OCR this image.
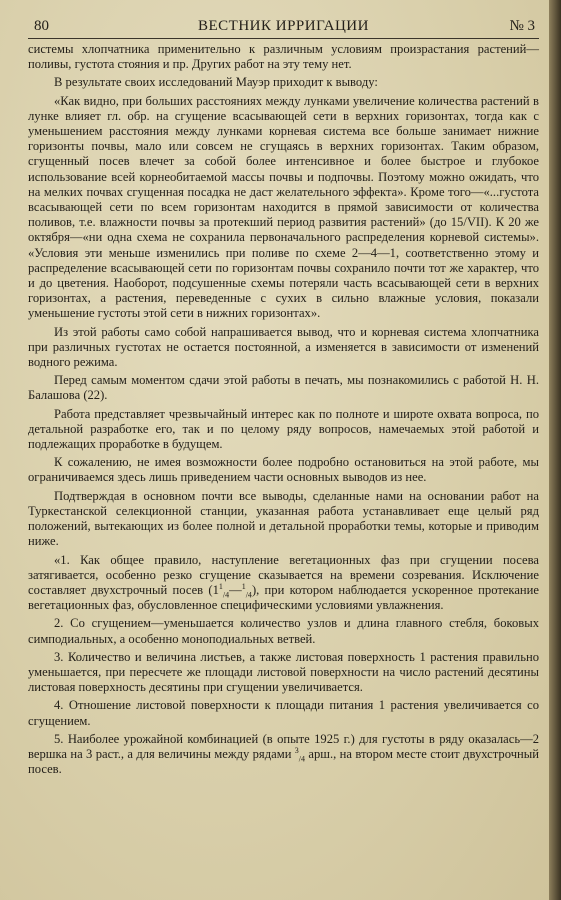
80	ВЕСТНИК ИРРИГАЦИИ	№ 3

системы хлопчатника применительно к различным условиям произрастания растений—поливы, густота стояния и пр. Других работ на эту тему нет.

В результате своих исследований Мауэр приходит к выводу:

«Как видно, при больших расстояниях между лунками увеличение количества растений в лунке влияет гл. обр. на сгущение всасывающей сети в верхних горизонтах, тогда как с уменьшением расстояния между лунками корневая система все больше занимает нижние горизонты почвы, мало или совсем не сгущаясь в верхних горизонтах. Таким образом, сгущенный посев влечет за собой более интенсивное и более быстрое и глубокое использование всей корнеобитаемой массы почвы и подпочвы. Поэтому можно ожидать, что на мелких почвах сгущенная посадка не даст желательного эффекта». Кроме того—«...густота всасывающей сети по всем горизонтам находится в прямой зависимости от количества поливов, т.е. влажности почвы за протекший период развития растений» (до 15/VII). К 20 же октября—«ни одна схема не сохранила первоначального распределения корневой системы». «Условия эти меньше изменились при поливе по схеме 2—4—1, соответственно этому и распределение всасывающей сети по горизонтам почвы сохранило почти тот же характер, что и до цветения. Наоборот, подсушенные схемы потеряли часть всасывающей сети в верхних горизонтах, а растения, переведенные с сухих в сильно влажные условия, показали уменьшение густоты этой сети в нижних горизонтах».

Из этой работы само собой напрашивается вывод, что и корневая система хлопчатника при различных густотах не остается постоянной, а изменяется в зависимости от изменений водного режима.

Перед самым моментом сдачи этой работы в печать, мы познакомились с работой Н. Н. Балашова (22).

Работа представляет чрезвычайный интерес как по полноте и широте охвата вопроса, по детальной разработке его, так и по целому ряду вопросов, намечаемых этой работой и подлежащих проработке в будущем.

К сожалению, не имея возможности более подробно остановиться на этой работе, мы ограничиваемся здесь лишь приведением части основных выводов из нее.

Подтверждая в основном почти все выводы, сделанные нами на основании работ на Туркестанской селекционной станции, указанная работа устанавливает еще целый ряд положений, вытекающих из более полной и детальной проработки темы, которые и приводим ниже.

«1. Как общее правило, наступление вегетационных фаз при сгущении посева затягивается, особенно резко сгущение сказывается на времени созревания. Исключение составляет двухстрочный посев $(1^1_{/4}—^1_{/4})$, при котором наблюдается ускоренное протекание вегетационных фаз, обусловленное специфическими условиями увлажнения.

2. Со сгущением—уменьшается количество узлов и длина главного стебля, боковых симподиальных, а особенно моноподиальных ветвей.

3. Количество и величина листьев, а также листовая поверхность 1 растения правильно уменьшается, при пересчете же площади листовой поверхности на число растений десятины листовая поверхность десятины при сгущении увеличивается.

4. Отношение листовой поверхности к площади питания 1 растения увеличивается со сгущением.

5. Наиболее урожайной комбинацией (в опыте 1925 г.) для густоты в ряду оказалась—2 вершка на 3 раст., а для величины между рядами $^3_{/4}$ арш., на втором месте стоит двухстрочный посев.
